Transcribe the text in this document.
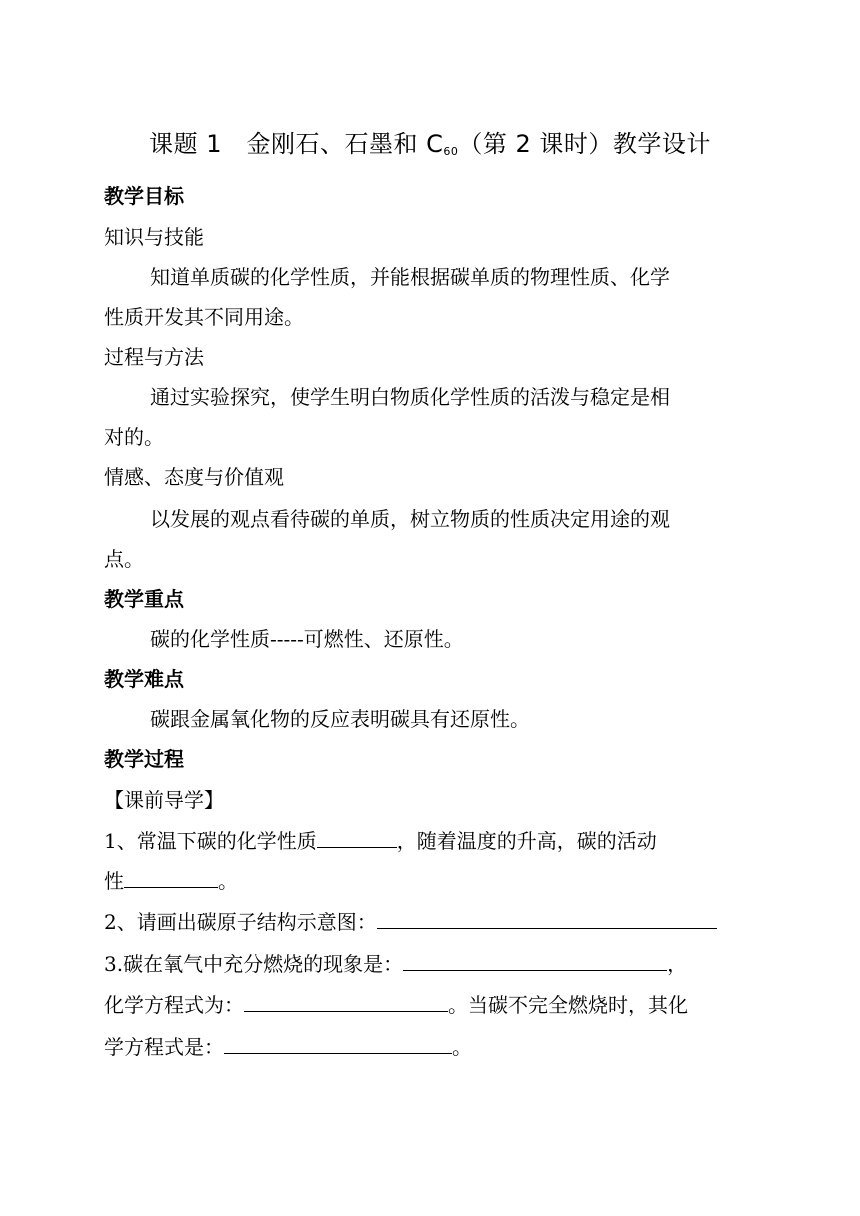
课题 1　金刚石、石墨和 $C_{60}$（第 2 课时）教学设计
教学目标
知识与技能
知道单质碳的化学性质，并能根据碳单质的物理性质、化学
性质开发其不同用途。
过程与方法
通过实验探究，使学生明白物质化学性质的活泼与稳定是相
对的。
情感、态度与价值观
以发展的观点看待碳的单质，树立物质的性质决定用途的观
点。
教学重点
碳的化学性质-----可燃性、还原性。
教学难点
碳跟金属氧化物的反应表明碳具有还原性。
教学过程
【课前导学】
1、常温下碳的化学性质	，随着温度的升高，碳的活动
性	。
2、请画出碳原子结构示意图：
3.碳在氧气中充分燃烧的现象是：	，
化学方程式为：	。当碳不完全燃烧时，其化
学方程式是：	。
